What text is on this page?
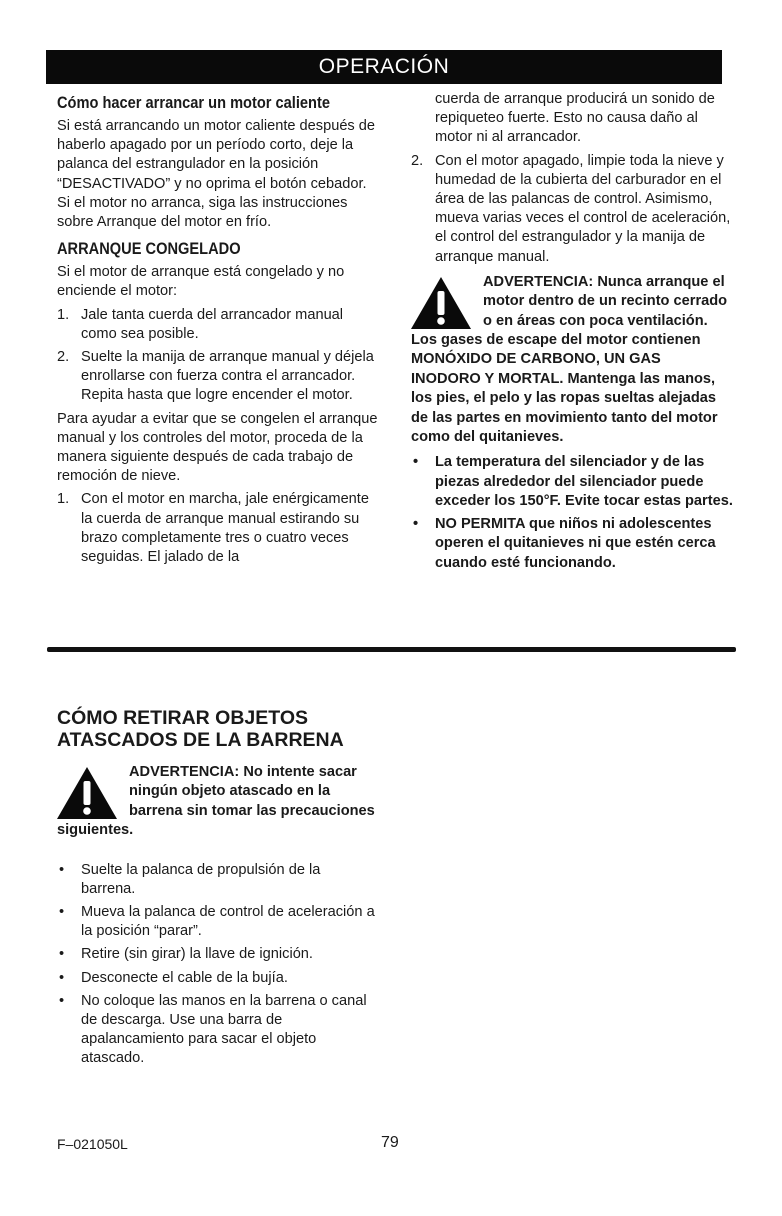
OPERACIÓN
Cómo hacer arrancar un motor caliente

Si está arrancando un motor caliente después de haberlo apagado por un período corto, deje la palanca del estrangulador en la posición “DESACTIVADO” y no oprima el botón cebador. Si el motor no arranca, siga las instrucciones sobre Arranque del motor en frío.

ARRANQUE CONGELADO

Si el motor de arranque está congelado y no enciende el motor:

1. Jale tanta cuerda del arrancador manual como sea posible.
2. Suelte la manija de arranque manual y déjela enrollarse con fuerza contra el arrancador. Repita hasta que logre encender el motor.

Para ayudar a evitar que se congelen el arranque manual y los controles del motor, proceda de la manera siguiente después de cada trabajo de remoción de nieve.

1. Con el motor en marcha, jale enérgicamente la cuerda de arranque manual estirando su brazo completamente tres o cuatro veces seguidas. El jalado de la

cuerda de arranque producirá un sonido de repiqueteo fuerte. Esto no causa daño al motor ni al arrancador.

2. Con el motor apagado, limpie toda la nieve y humedad de la cubierta del carburador en el área de las palancas de control. Asimismo, mueva varias veces el control de aceleración, el control del estrangulador y la manija de arranque manual.
ADVERTENCIA: Nunca arranque el motor dentro de un recinto cerrado o en áreas con poca ventilación. Los gases de escape del motor contienen MONÓXIDO DE CARBONO, UN GAS INODORO Y MORTAL. Mantenga las manos, los pies, el pelo y las ropas sueltas alejadas de las partes en movimiento tanto del motor como del quitanieves.
• La temperatura del silenciador y de las piezas alrededor del silenciador puede exceder los 150°F. Evite tocar estas partes.
• NO PERMITA que niños ni adolescentes operen el quitanieves ni que estén cerca cuando esté funcionando.
CÓMO RETIRAR OBJETOS ATASCADOS DE LA BARRENA
ADVERTENCIA: No intente sacar ningún objeto atascado en la barrena sin tomar las precauciones siguientes.
• Suelte la palanca de propulsión de la barrena.
• Mueva la palanca de control de aceleración a la posición “parar”.
• Retire (sin girar) la llave de ignición.
• Desconecte el cable de la bujía.
• No coloque las manos en la barrena o canal de descarga. Use una barra de apalancamiento para sacar el objeto atascado.
F–021050L	79
